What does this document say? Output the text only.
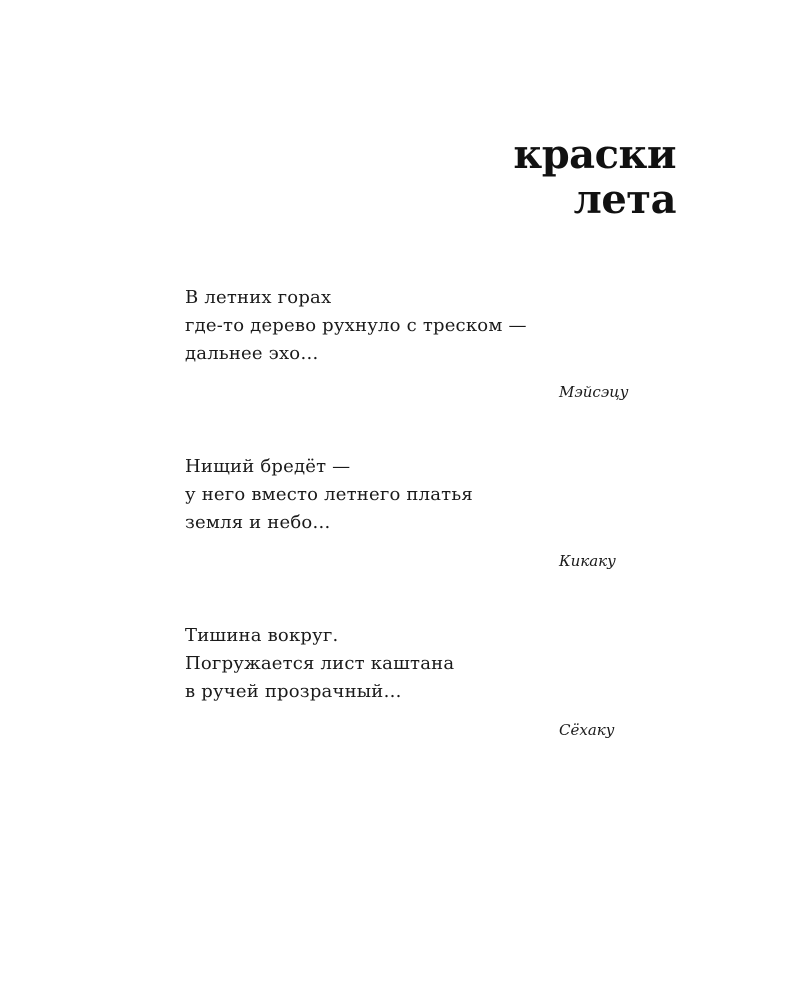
краски
лета
В летних горах
где-то дерево рухнуло с треском —
дальнее эхо…
Мэйсэцу
Нищий бредёт —
у него вместо летнего платья
земля и небо…
Кикаку
Тишина вокруг.
Погружается лист каштана
в ручей прозрачный…
Сёхаку
